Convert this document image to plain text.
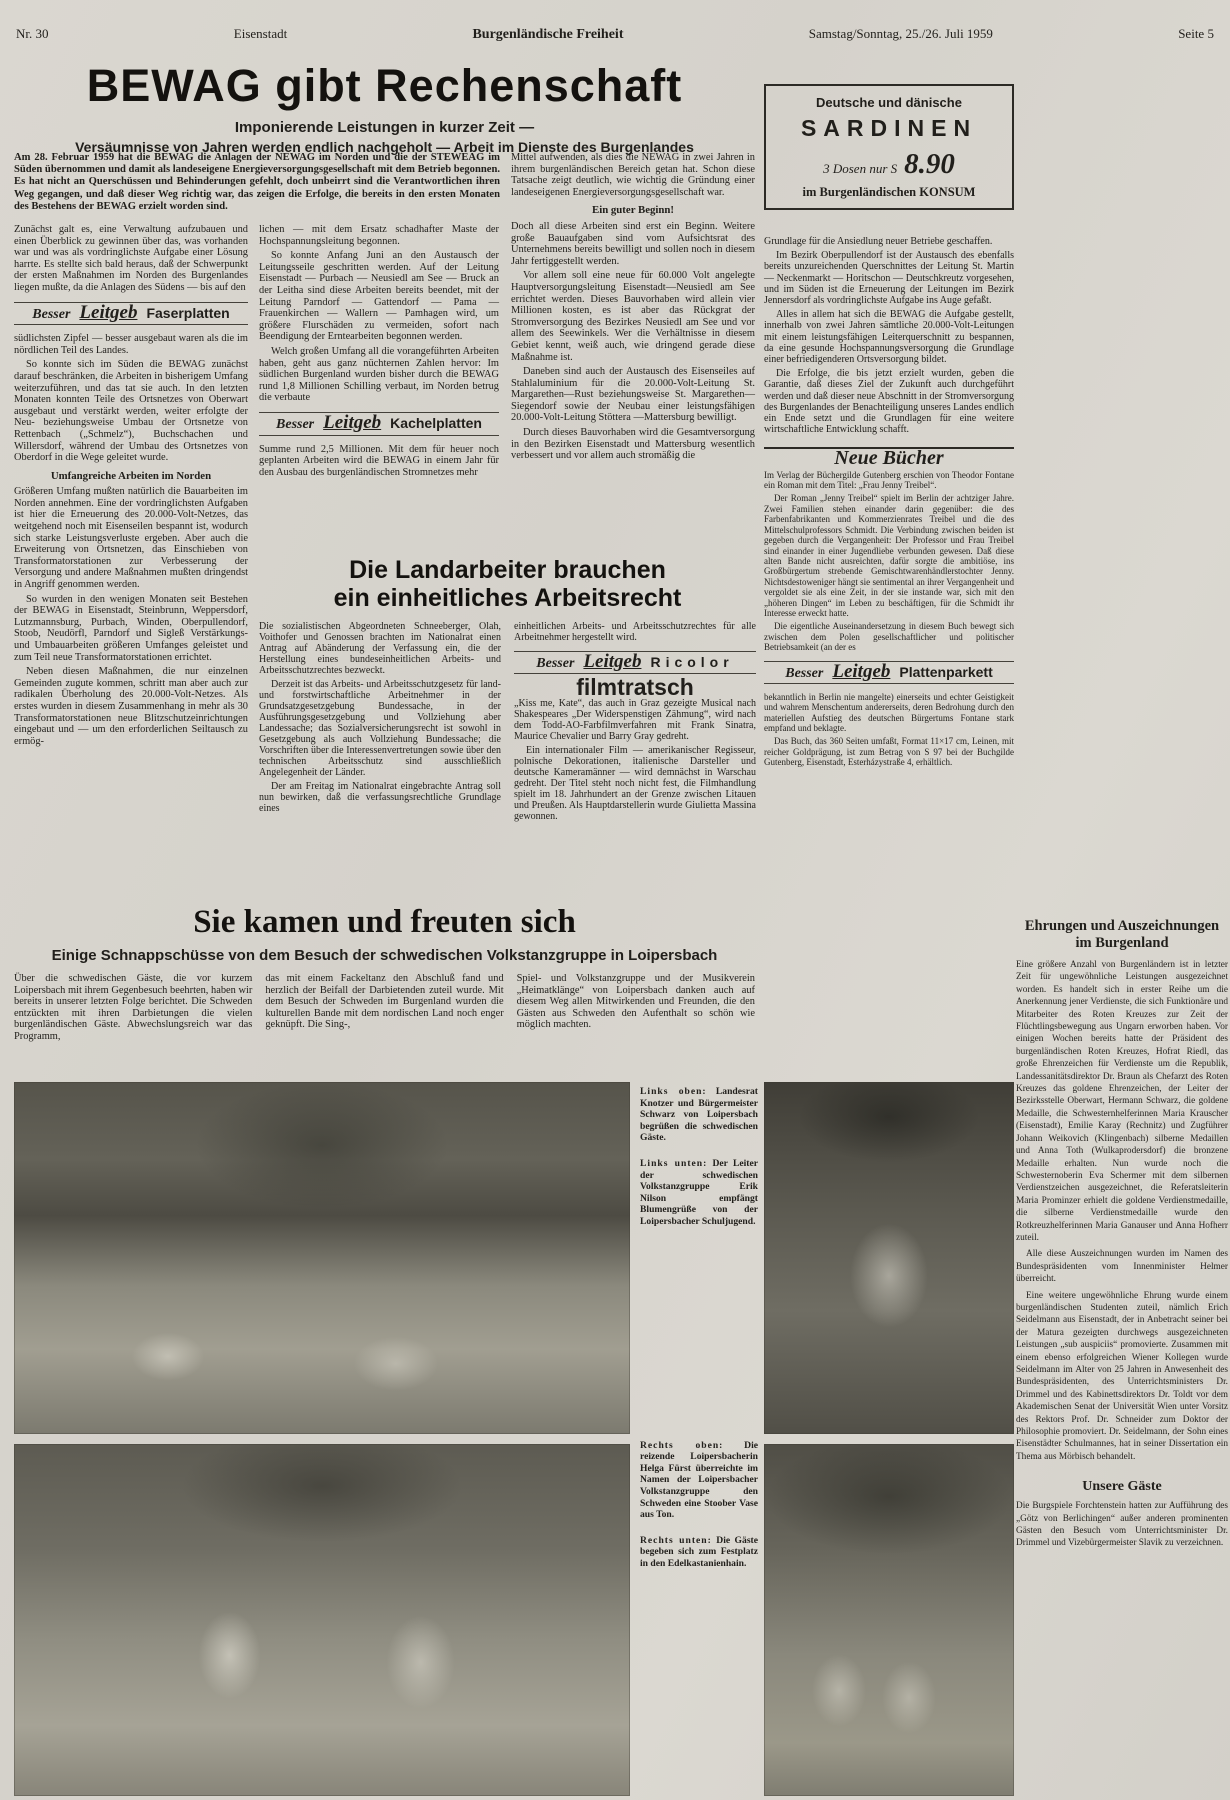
Nr. 30	Eisenstadt	Burgenländische Freiheit	Samstag/Sonntag, 25./26. Juli 1959	Seite 5
BEWAG gibt Rechenschaft
Imponierende Leistungen in kurzer Zeit —
Versäumnisse von Jahren werden endlich nachgeholt — Arbeit im Dienste des Burgenlandes
Am 28. Februar 1959 hat die BEWAG die Anlagen der NEWAG im Norden und die der STEWEAG im Süden übernommen und damit als landeseigene Energieversorgungsgesellschaft mit dem Betrieb begonnen. Es hat nicht an Querschüssen und Behinderungen gefehlt, doch unbeirrt sind die Verantwortlichen ihren Weg gegangen, und daß dieser Weg richtig war, das zeigen die Erfolge, die bereits in den ersten Monaten des Bestehens der BEWAG erzielt worden sind.

Zunächst galt es, eine Verwaltung aufzubauen und einen Überblick zu gewinnen über das, was vorhanden war und was als vordringlichste Aufgabe einer Lösung harrte. Es stellte sich bald heraus, daß der Schwerpunkt der ersten Maßnahmen im Norden des Burgenlandes liegen mußte, da die Anlagen des Südens — bis auf den

Besser Leitgeb Faserplatten

südlichsten Zipfel — besser ausgebaut waren als die im nördlichen Teil des Landes.

So konnte sich im Süden die BEWAG zunächst darauf beschränken, die Arbeiten in bisherigem Umfang weiterzuführen, und das tat sie auch. In den letzten Monaten konnten Teile des Ortsnetzes von Oberwart ausgebaut und verstärkt werden, weiter erfolgte der Neu- beziehungsweise Umbau der Ortsnetze von Rettenbach („Schmelz“), Buchschachen und Willersdorf, während der Umbau des Ortsnetzes von Oberdorf in die Wege geleitet wurde.

Umfangreiche Arbeiten im Norden

Größeren Umfang mußten natürlich die Bauarbeiten im Norden annehmen. Eine der vordringlichsten Aufgaben ist hier die Erneuerung des 20.000-Volt-Netzes, das weitgehend noch mit Eisenseilen bespannt ist, wodurch sich starke Leistungsverluste ergeben. Aber auch die Erweiterung von Ortsnetzen, das Einschieben von Transformatorstationen zur Verbesserung der Versorgung und andere Maßnahmen mußten dringendst in Angriff genommen werden.

So wurden in den wenigen Monaten seit Bestehen der BEWAG in Eisenstadt, Steinbrunn, Weppersdorf, Lutzmannsburg, Purbach, Winden, Oberpullendorf, Stoob, Neudörfl, Parndorf und Sigleß Verstärkungs- und Umbauarbeiten größeren Umfanges geleistet und zum Teil neue Transformatorstationen errichtet.

Neben diesen Maßnahmen, die nur einzelnen Gemeinden zugute kommen, schritt man aber auch zur radikalen Überholung des 20.000-Volt-Netzes. Als erstes wurden in diesem Zusammenhang in mehr als 30 Transformatorstationen neue Blitzschutzeinrichtungen eingebaut und — um den erforderlichen Seiltausch zu ermög-

lichen — mit dem Ersatz schadhafter Maste der Hochspannungsleitung begonnen.

So konnte Anfang Juni an den Austausch der Leitungsseile geschritten werden. Auf der Leitung Eisenstadt — Purbach — Neusiedl am See — Bruck an der Leitha sind diese Arbeiten bereits beendet, mit der Leitung Parndorf — Gattendorf — Pama — Frauenkirchen — Wallern — Pamhagen wird, um größere Flurschäden zu vermeiden, sofort nach Beendigung der Erntearbeiten begonnen werden.

Welch großen Umfang all die vorangeführten Arbeiten haben, geht aus ganz nüchternen Zahlen hervor: Im südlichen Burgenland wurden bisher durch die BEWAG rund 1,8 Millionen Schilling verbaut, im Norden betrug die verbaute

Besser Leitgeb Kachelplatten

Summe rund 2,5 Millionen. Mit dem für heuer noch geplanten Arbeiten wird die BEWAG in einem Jahr für den Ausbau des burgenländischen Stromnetzes mehr

Mittel aufwenden, als dies die NEWAG in zwei Jahren in ihrem burgenländischen Bereich getan hat. Schon diese Tatsache zeigt deutlich, wie wichtig die Gründung einer landeseigenen Energieversorgungsgesellschaft war.

Ein guter Beginn!

Doch all diese Arbeiten sind erst ein Beginn. Weitere große Bauaufgaben sind vom Aufsichtsrat des Unternehmens bereits bewilligt und sollen noch in diesem Jahr fertiggestellt werden.

Vor allem soll eine neue für 60.000 Volt angelegte Hauptversorgungsleitung Eisenstadt—Neusiedl am See errichtet werden. Dieses Bauvorhaben wird allein vier Millionen kosten, es ist aber das Rückgrat der Stromversorgung des Bezirkes Neusiedl am See und vor allem des Seewinkels. Wer die Verhältnisse in diesem Gebiet kennt, weiß auch, wie dringend gerade diese Maßnahme ist.

Daneben sind auch der Austausch des Eisenseiles auf Stahlaluminium für die 20.000-Volt-Leitung St. Margarethen—Rust beziehungsweise St. Margarethen—Siegendorf sowie der Neubau einer leistungsfähigen 20.000-Volt-Leitung Stöttera —Mattersburg bewilligt.

Durch dieses Bauvorhaben wird die Gesamtversorgung in den Bezirken Eisenstadt und Mattersburg wesentlich verbessert und vor allem auch stromäßig die

Deutsche und dänische
SARDINEN
3 Dosen nur S 8.90
im Burgenländischen KONSUM

Grundlage für die Ansiedlung neuer Betriebe geschaffen.

Im Bezirk Oberpullendorf ist der Austausch des ebenfalls bereits unzureichenden Querschnittes der Leitung St. Martin — Neckenmarkt — Horitschon — Deutschkreutz vorgesehen, und im Süden ist die Erneuerung der Leitungen im Bezirk Jennersdorf als vordringlichste Aufgabe ins Auge gefaßt.

Alles in allem hat sich die BEWAG die Aufgabe gestellt, innerhalb von zwei Jahren sämtliche 20.000-Volt-Leitungen mit einem leistungsfähigen Leiterquerschnitt zu bespannen, da eine gesunde Hochspannungsversorgung die Grundlage einer befriedigenderen Ortsversorgung bildet.

Die Erfolge, die bis jetzt erzielt wurden, geben die Garantie, daß dieses Ziel der Zukunft auch durchgeführt werden und daß dieser neue Abschnitt in der Stromversorgung des Burgenlandes der Benachteiligung unseres Landes endlich ein Ende setzt und die Grundlagen für eine weitere wirtschaftliche Entwicklung schafft.

Neue Bücher

Im Verlag der Büchergilde Gutenberg erschien von Theodor Fontane ein Roman mit dem Titel: „Frau Jenny Treibel“.

Der Roman „Jenny Treibel“ spielt im Berlin der achtziger Jahre. Zwei Familien stehen einander darin gegenüber: die des Farbenfabrikanten und Kommerzienrates Treibel und die des Mittelschulprofessors Schmidt. Die Verbindung zwischen beiden ist gegeben durch die Vergangenheit: Der Professor und Frau Treibel sind einander in einer Jugendliebe verbunden gewesen. Daß diese alten Bande nicht ausreichten, dafür sorgte die ambitiöse, ins Großbürgertum strebende Gemischtwarenhändlerstochter Jenny. Nichtsdestoweniger hängt sie sentimental an ihrer Vergangenheit und vergoldet sie als eine Zeit, in der sie instande war, sich mit den „höheren Dingen“ im Leben zu beschäftigen, für die Schmidt ihr Interesse erweckt hatte.

Die eigentliche Auseinandersetzung in diesem Buch bewegt sich zwischen dem Polen gesellschaftlicher und politischer Betriebsamkeit (an der es

Besser Leitgeb Plattenparkett

bekanntlich in Berlin nie mangelte) einerseits und echter Geistigkeit und wahrem Menschentum andererseits, deren Bedrohung durch den materiellen Aufstieg des deutschen Bürgertums Fontane stark empfand und beklagte.

Das Buch, das 360 Seiten umfaßt, Format 11×17 cm, Leinen, mit reicher Goldprägung, ist zum Betrag von S 97 bei der Buchgilde Gutenberg, Eisenstadt, Esterházystraße 4, erhältlich.

Die Landarbeiter brauchen
ein einheitliches Arbeitsrecht

Die sozialistischen Abgeordneten Schneeberger, Olah, Voithofer und Genossen brachten im Nationalrat einen Antrag auf Abänderung der Verfassung ein, die der Herstellung eines bundeseinheitlichen Arbeits- und Arbeitsschutzrechtes bezweckt.

Derzeit ist das Arbeits- und Arbeitsschutzgesetz für land- und forstwirtschaftliche Arbeitnehmer in der Grundsatzgesetzgebung Bundessache, in der Ausführungsgesetzgebung und Vollziehung aber Landessache; das Sozialversicherungsrecht ist sowohl in Gesetzgebung als auch Vollziehung Bundessache; die Vorschriften über die Interessenvertretungen sowie über den technischen Arbeitsschutz sind ausschließlich Angelegenheit der Länder.

Der am Freitag im Nationalrat eingebrachte Antrag soll nun bewirken, daß die verfassungsrechtliche Grundlage eines

einheitlichen Arbeits- und Arbeitsschutzrechtes für alle Arbeitnehmer hergestellt wird.

Besser Leitgeb Ricolor
filmtratsch

„Kiss me, Kate“, das auch in Graz gezeigte Musical nach Shakespeares „Der Widerspenstigen Zähmung“, wird nach dem Todd-AO-Farbfilmverfahren mit Frank Sinatra, Maurice Chevalier und Barry Gray gedreht.

Ein internationaler Film — amerikanischer Regisseur, polnische Dekorationen, italienische Darsteller und deutsche Kameramänner — wird demnächst in Warschau gedreht. Der Titel steht noch nicht fest, die Filmhandlung spielt im 18. Jahrhundert an der Grenze zwischen Litauen und Preußen. Als Hauptdarstellerin wurde Giulietta Massina gewonnen.

Sie kamen und freuten sich
Einige Schnappschüsse von dem Besuch der schwedischen Volkstanzgruppe in Loipersbach
Über die schwedischen Gäste, die vor kurzem Loipersbach mit ihrem Gegenbesuch beehrten, haben wir bereits in unserer letzten Folge berichtet. Die Schweden entzückten mit ihren Darbietungen die vielen burgenländischen Gäste. Abwechslungsreich war das Programm,
das mit einem Fackeltanz den Abschluß fand und herzlich der Beifall der Darbietenden zuteil wurde. Mit dem Besuch der Schweden im Burgenland wurden die kulturellen Bande mit dem nordischen Land noch enger geknüpft. Die Sing-,
Spiel- und Volkstanzgruppe und der Musikverein „Heimatklänge“ von Loipersbach danken auch auf diesem Weg allen Mitwirkenden und Freunden, die den Gästen aus Schweden den Aufenthalt so schön wie möglich machten.
Links oben: Landesrat Knotzer und Bürgermeister Schwarz von Loipersbach begrüßen die schwedischen Gäste.
Links unten: Der Leiter der schwedischen Volkstanzgruppe Erik Nilson empfängt Blumengrüße von der Loipersbacher Schuljugend.
Rechts oben: Die reizende Loipersbacherin Helga Fürst überreichte im Namen der Loipersbacher Volkstanzgruppe den Schweden eine Stoober Vase aus Ton.
Rechts unten: Die Gäste begeben sich zum Festplatz in den Edelkastanienhain.
Ehrungen und Auszeichnungen
im Burgenland

Eine größere Anzahl von Burgenländern ist in letzter Zeit für ungewöhnliche Leistungen ausgezeichnet worden. Es handelt sich in erster Reihe um die Anerkennung jener Verdienste, die sich Funktionäre und Mitarbeiter des Roten Kreuzes zur Zeit der Flüchtlingsbewegung aus Ungarn erworben haben. Vor einigen Wochen bereits hatte der Präsident des burgenländischen Roten Kreuzes, Hofrat Riedl, das große Ehrenzeichen für Verdienste um die Republik, Landessanitätsdirektor Dr. Braun als Chefarzt des Roten Kreuzes das goldene Ehrenzeichen, der Leiter der Bezirksstelle Oberwart, Hermann Schwarz, die goldene Medaille, die Schwesternhelferinnen Maria Krauscher (Eisenstadt), Emilie Karay (Rechnitz) und Zugführer Johann Weikovich (Klingenbach) silberne Medaillen und Anna Toth (Wulkaprodersdorf) die bronzene Medaille erhalten. Nun wurde noch die Schwesternoberin Eva Schermer mit dem silbernen Verdienstzeichen ausgezeichnet, die Referatsleiterin Maria Prominzer erhielt die goldene Verdienstmedaille, die silberne Verdienstmedaille wurde den Rotkreuzhelferinnen Maria Ganauser und Anna Hofherr zuteil.

Alle diese Auszeichnungen wurden im Namen des Bundespräsidenten vom Innenminister Helmer überreicht.

Eine weitere ungewöhnliche Ehrung wurde einem burgenländischen Studenten zuteil, nämlich Erich Seidelmann aus Eisenstadt, der in Anbetracht seiner bei der Matura gezeigten durchwegs ausgezeichneten Leistungen „sub auspiciis“ promovierte. Zusammen mit einem ebenso erfolgreichen Wiener Kollegen wurde Seidelmann im Alter von 25 Jahren in Anwesenheit des Bundespräsidenten, des Unterrichtsministers Dr. Drimmel und des Kabinettsdirektors Dr. Toldt vor dem Akademischen Senat der Universität Wien unter Vorsitz des Rektors Prof. Dr. Schneider zum Doktor der Philosophie promoviert. Dr. Seidelmann, der Sohn eines Eisenstädter Schulmannes, hat in seiner Dissertation ein Thema aus Mörbisch behandelt.

Unsere Gäste

Die Burgspiele Forchtenstein hatten zur Aufführung des „Götz von Berlichingen“ außer anderen prominenten Gästen den Besuch vom Unterrichtsminister Dr. Drimmel und Vizebürgermeister Slavik zu verzeichnen.
